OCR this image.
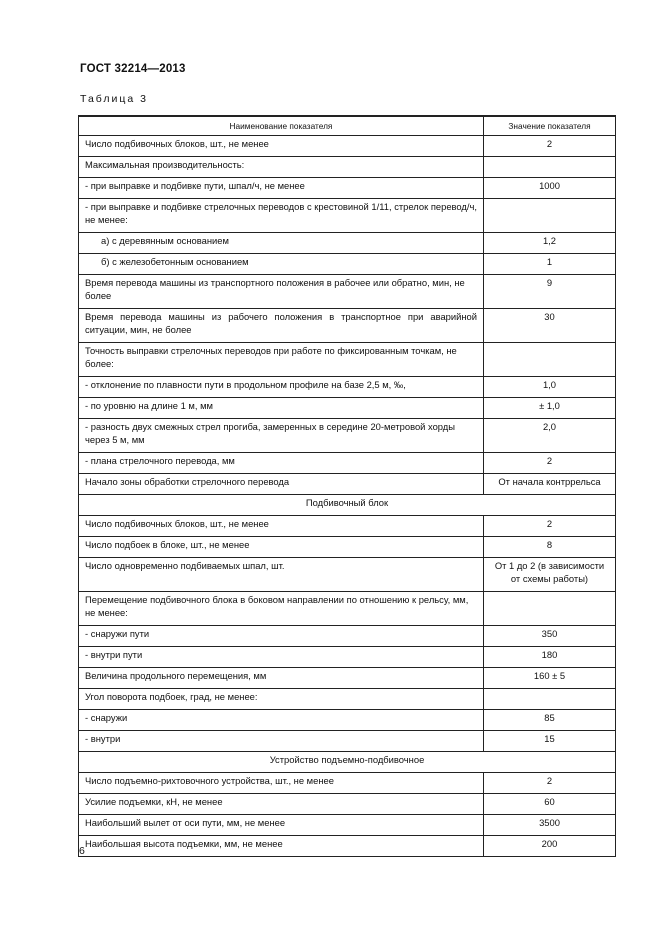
ГОСТ 32214—2013
Таблица 3
Наименование показателя	Значение показателя
Число подбивочных блоков, шт., не менее	2
Максимальная производительность:	
- при выправке и подбивке пути, шпал/ч, не менее	1000
- при выправке и подбивке стрелочных переводов с крестовиной 1/11, стрелок перевод/ч, не менее:	
а) с деревянным основанием	1,2
б) с железобетонным основанием	1
Время перевода машины из транспортного положения в рабочее или обратно, мин, не более	9
Время перевода машины из рабочего положения в транспортное при аварийной ситуации, мин, не более	30
Точность выправки стрелочных переводов при работе по фиксированным точкам, не более:	
- отклонение по плавности пути в продольном профиле на базе 2,5 м, ‰,	1,0
- по уровню на длине 1 м, мм	± 1,0
- разность двух смежных стрел прогиба, замеренных в середине 20-метровой хорды через 5 м, мм	2,0
- плана стрелочного перевода, мм	2
Начало зоны обработки стрелочного перевода	От начала контррельса
Подбивочный блок	
Число подбивочных блоков, шт., не менее	2
Число подбоек в блоке, шт., не менее	8
Число одновременно подбиваемых шпал, шт.	От 1 до 2 (в зависимости от схемы работы)
Перемещение подбивочного блока в боковом направлении по отношению к рельсу, мм, не менее:	
- снаружи пути	350
- внутри пути	180
Величина продольного перемещения, мм	160 ± 5
Угол поворота подбоек, град, не менее:	
- снаружи	85
- внутри	15
Устройство подъемно-подбивочное	
Число подъемно-рихтовочного устройства, шт., не менее	2
Усилие подъемки, кН, не менее	60
Наибольший вылет от оси пути, мм, не менее	3500
Наибольшая высота подъемки, мм, не менее	200
6
